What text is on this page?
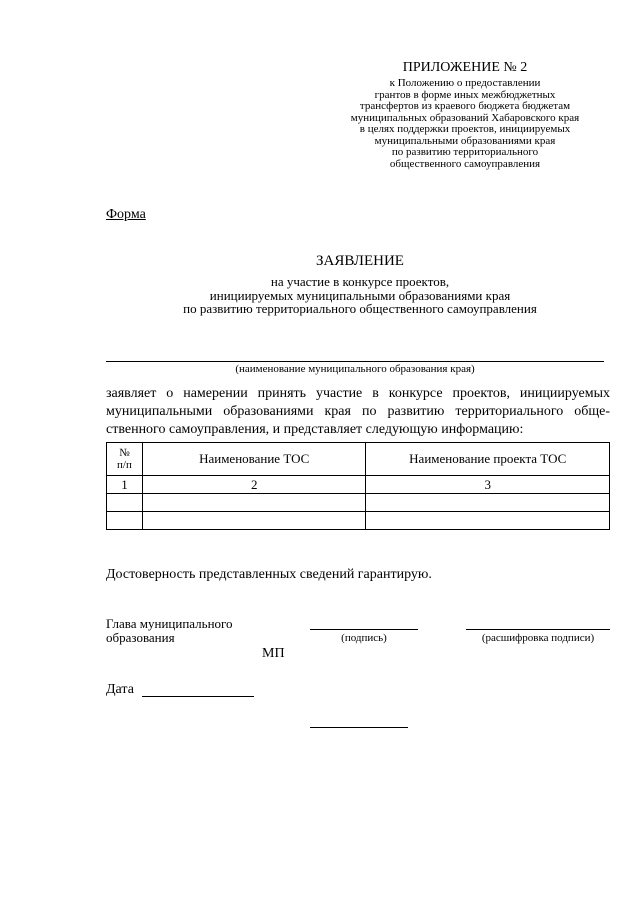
ПРИЛОЖЕНИЕ № 2
к Положению о предоставлении
грантов в форме иных межбюджетных
трансфертов из краевого бюджета бюджетам
муниципальных образований Хабаровского края
в целях поддержки проектов, инициируемых
муниципальными образованиями края
по развитию территориального
общественного самоуправления
Форма
ЗАЯВЛЕНИЕ
на участие в конкурсе проектов,
инициируемых муниципальными образованиями края
по развитию территориального общественного самоуправления
(наименование муниципального образования края)
заявляет о намерении принять участие в конкурсе проектов, инициируемых
муниципальными образованиями края по развитию территориального обще-
ственного самоуправления, и представляет следующую информацию:
№
п/п	Наименование ТОС	Наименование проекта ТОС
1	2	3

Достоверность представленных сведений гарантирую.
Глава муниципального
образования	(подпись)	(расшифровка подписи)
МП
Дата
